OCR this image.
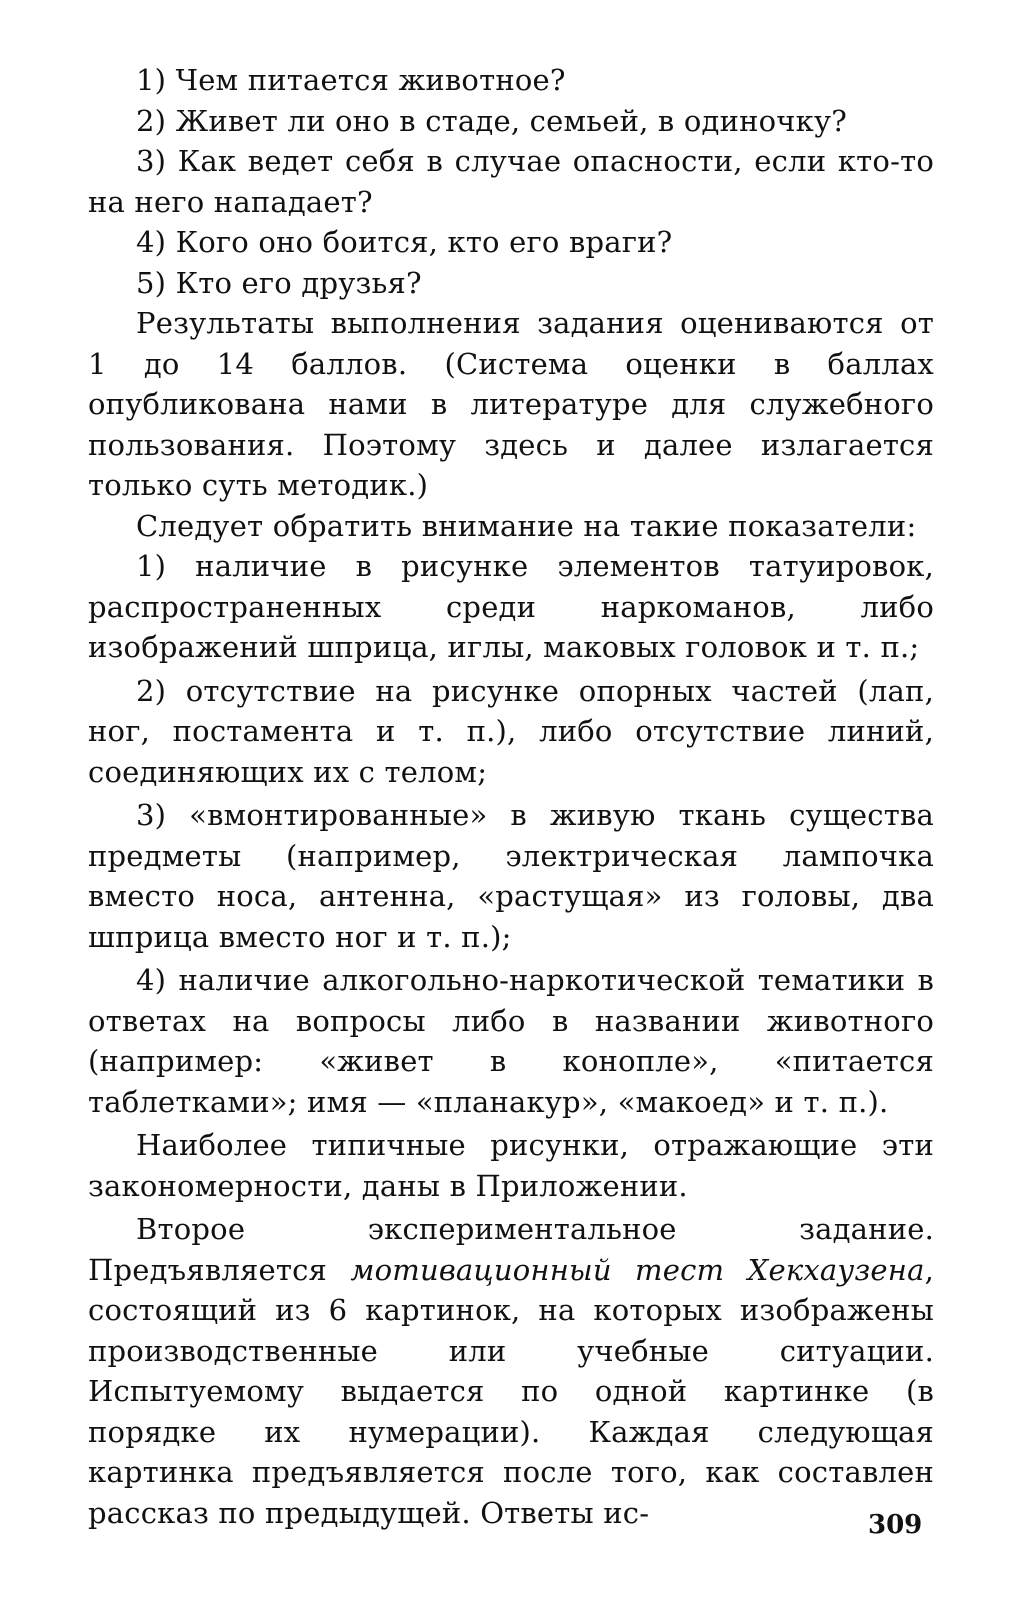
1) Чем питается животное?

2) Живет ли оно в стаде, семьей, в одиночку?

3) Как ведет себя в случае опасности, если кто-то на него нападает?

4) Кого оно боится, кто его враги?

5) Кто его друзья?

Результаты выполнения задания оцениваются от 1 до 14 баллов. (Система оценки в баллах опубликована нами в литературе для служебного пользования. Поэтому здесь и далее излагается только суть методик.)

Следует обратить внимание на такие показатели:

1) наличие в рисунке элементов татуировок, распространенных среди наркоманов, либо изображений шприца, иглы, маковых головок и т. п.;

2) отсутствие на рисунке опорных частей (лап, ног, постамента и т. п.), либо отсутствие линий, соединяющих их с телом;

3) «вмонтированные» в живую ткань существа предметы (например, электрическая лампочка вместо носа, антенна, «растущая» из головы, два шприца вместо ног и т. п.);

4) наличие алкогольно-наркотической тематики в ответах на вопросы либо в названии животного (например: «живет в конопле», «питается таблетками»; имя — «планакур», «макоед» и т. п.).

Наиболее типичные рисунки, отражающие эти закономерности, даны в Приложении.

Второе экспериментальное задание. Предъявляется мотивационный тест Хекхаузена, состоящий из 6 картинок, на которых изображены производственные или учебные ситуации. Испытуемому выдается по одной картинке (в порядке их нумерации). Каждая следующая картинка предъявляется после того, как составлен рассказ по предыдущей. Ответы ис-	309
